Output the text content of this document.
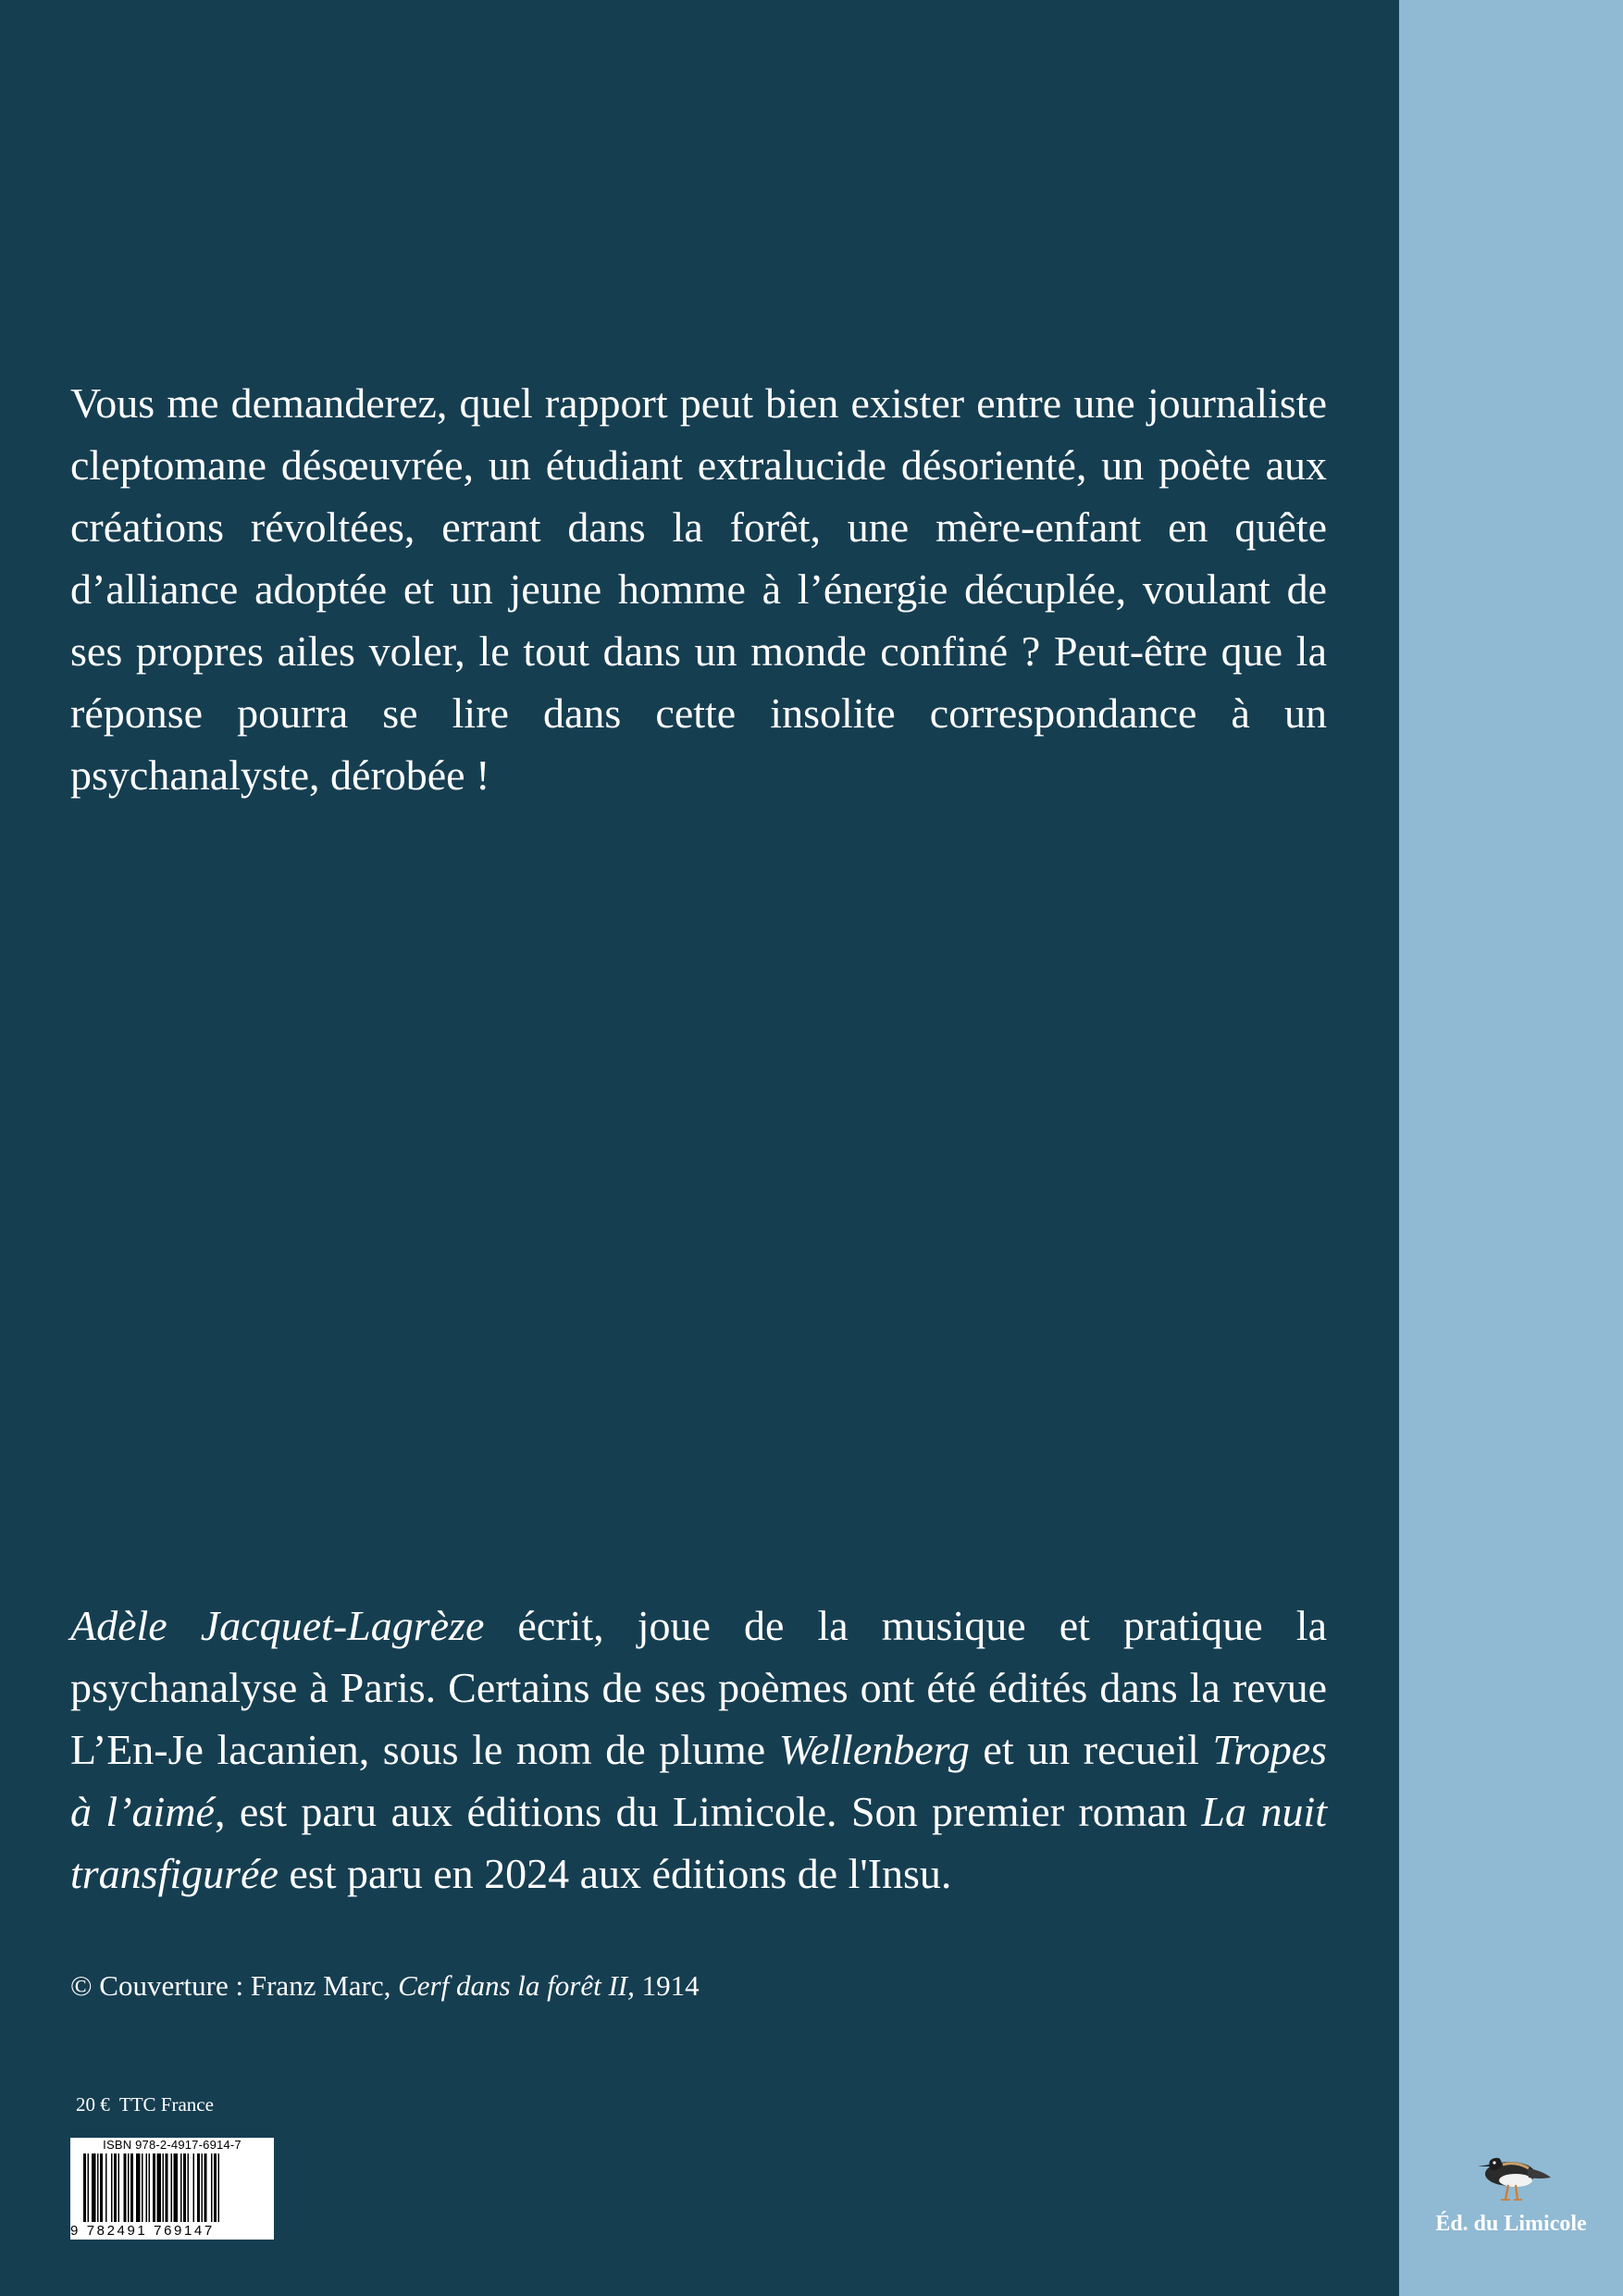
Vous me demanderez, quel rapport peut bien exister entre une journaliste cleptomane désœuvrée, un étudiant extralucide désorienté, un poète aux créations révoltées, errant dans la forêt, une mère-enfant en quête d’alliance adoptée et un jeune homme à l’énergie décuplée, voulant de ses propres ailes voler, le tout dans un monde confiné ? Peut-être que la réponse pourra se lire dans cette insolite correspondance à un psychanalyste, dérobée !

Adèle Jacquet-Lagrèze écrit, joue de la musique et pratique la psychanalyse à Paris. Certains de ses poèmes ont été édités dans la revue L’En-Je lacanien, sous le nom de plume Wellenberg et un recueil Tropes à l’aimé, est paru aux éditions du Limicole. Son premier roman La nuit transfigurée est paru en 2024 aux éditions de l'Insu.

© Couverture : Franz Marc, Cerf dans la forêt II, 1914

20 €  TTC France

ISBN 978-2-4917-6914-7
9 782491 769147	Éd. du Limicole
